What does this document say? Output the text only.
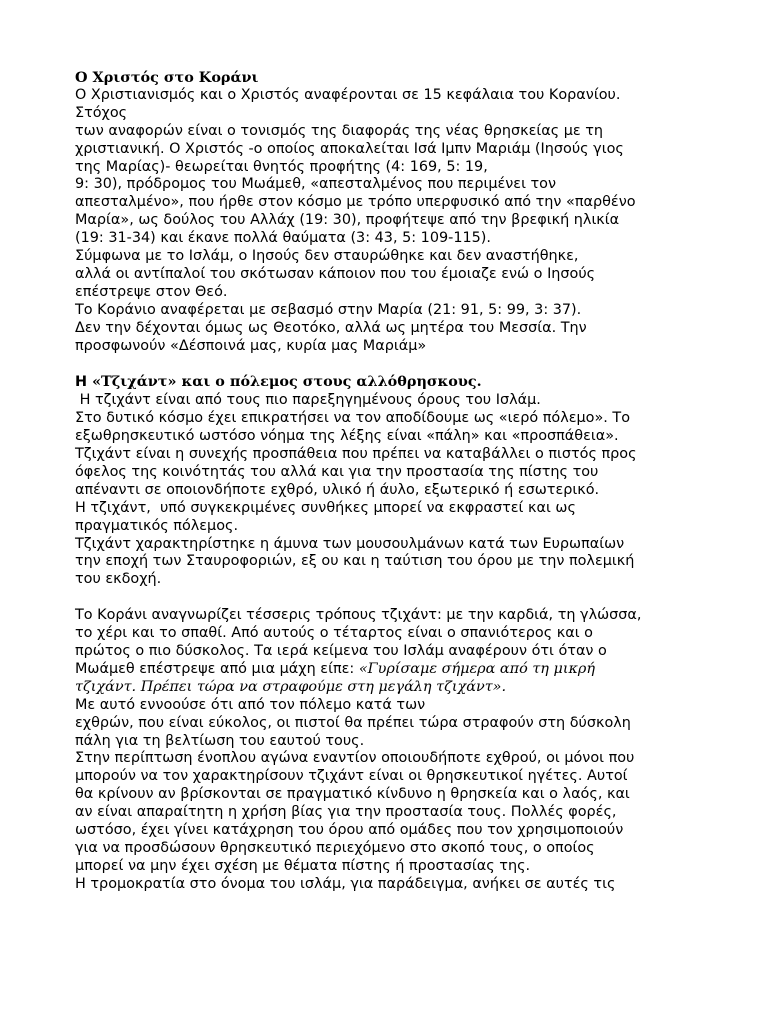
Ο Χριστός στο Κοράνι
Ο Χριστιανισμός και ο Χριστός αναφέρονται σε 15 κεφάλαια του Κορανίου.
Στόχος
των αναφορών είναι ο τονισμός της διαφοράς της νέας θρησκείας με τη
χριστιανική. Ο Χριστός -ο οποίος αποκαλείται Ισά Ιμπν Μαριάμ (Ιησούς γιος
της Μαρίας)- θεωρείται θνητός προφήτης (4: 169, 5: 19,
9: 30), πρόδρομος του Μωάμεθ, «απεσταλμένος που περιμένει τον
απεσταλμένο», που ήρθε στον κόσμο με τρόπο υπερφυσικό από την «παρθένο
Μαρία», ως δούλος του Αλλάχ (19: 30), προφήτεψε από την βρεφική ηλικία
(19: 31-34) και έκανε πολλά θαύματα (3: 43, 5: 109-115).
Σύμφωνα με το Ισλάμ, ο Ιησούς δεν σταυρώθηκε και δεν αναστήθηκε,
αλλά οι αντίπαλοί του σκότωσαν κάποιον που του έμοιαζε ενώ ο Ιησούς
επέστρεψε στον Θεό.
Το Κοράνιο αναφέρεται με σεβασμό στην Μαρία (21: 91, 5: 99, 3: 37).
Δεν την δέχονται όμως ως Θεοτόκο, αλλά ως μητέρα του Μεσσία. Την
προσφωνούν «Δέσποινά μας, κυρία μας Μαριάμ»
Η «Τζιχάντ» και ο πόλεμος στους αλλόθρησκους.
Η τζιχάντ είναι από τους πιο παρεξηγημένους όρους του Ισλάμ.
Στο δυτικό κόσμο έχει επικρατήσει να τον αποδίδουμε ως «ιερό πόλεμο». Το
εξωθρησκευτικό ωστόσο νόημα της λέξης είναι «πάλη» και «προσπάθεια».
Τζιχάντ είναι η συνεχής προσπάθεια που πρέπει να καταβάλλει ο πιστός προς
όφελος της κοινότητάς του αλλά και για την προστασία της πίστης του
απέναντι σε οποιονδήποτε εχθρό, υλικό ή άυλο, εξωτερικό ή εσωτερικό.
Η τζιχάντ,  υπό συγκεκριμένες συνθήκες μπορεί να εκφραστεί και ως
πραγματικός πόλεμος.
Τζιχάντ χαρακτηρίστηκε η άμυνα των μουσουλμάνων κατά των Ευρωπαίων
την εποχή των Σταυροφοριών, εξ ου και η ταύτιση του όρου με την πολεμική
του εκδοχή.
Το Κοράνι αναγνωρίζει τέσσερις τρόπους τζιχάντ: με την καρδιά, τη γλώσσα,
το χέρι και το σπαθί. Από αυτούς ο τέταρτος είναι ο σπανιότερος και ο
πρώτος ο πιο δύσκολος. Τα ιερά κείμενα του Ισλάμ αναφέρουν ότι όταν ο
Μωάμεθ επέστρεψε από μια μάχη είπε: «Γυρίσαμε σήμερα από τη μικρή
τζιχάντ. Πρέπει τώρα να στραφούμε στη μεγάλη τζιχάντ».
Με αυτό εννοούσε ότι από τον πόλεμο κατά των
εχθρών, που είναι εύκολος, οι πιστοί θα πρέπει τώρα στραφούν στη δύσκολη
πάλη για τη βελτίωση του εαυτού τους.
Στην περίπτωση ένοπλου αγώνα εναντίον οποιουδήποτε εχθρού, οι μόνοι που
μπορούν να τον χαρακτηρίσουν τζιχάντ είναι οι θρησκευτικοί ηγέτες. Αυτοί
θα κρίνουν αν βρίσκονται σε πραγματικό κίνδυνο η θρησκεία και ο λαός, και
αν είναι απαραίτητη η χρήση βίας για την προστασία τους. Πολλές φορές,
ωστόσο, έχει γίνει κατάχρηση του όρου από ομάδες που τον χρησιμοποιούν
για να προσδώσουν θρησκευτικό περιεχόμενο στο σκοπό τους, ο οποίος
μπορεί να μην έχει σχέση με θέματα πίστης ή προστασίας της.
Η τρομοκρατία στο όνομα του ισλάμ, για παράδειγμα, ανήκει σε αυτές τις
